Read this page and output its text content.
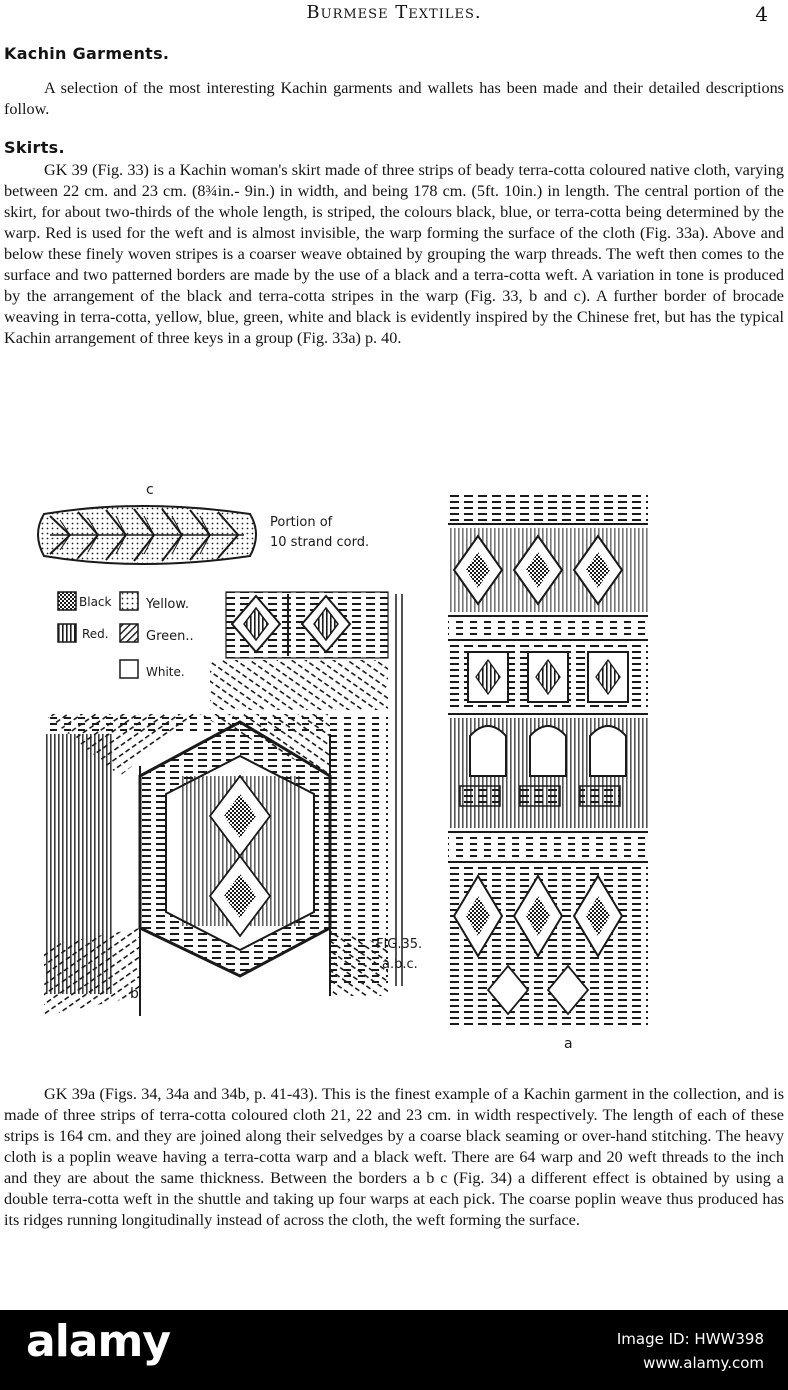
Burmese Textiles.	4
Kachin Garments.

A selection of the most interesting Kachin garments and wallets has been made and their detailed descriptions follow.

Skirts.

GK 39 (Fig. 33) is a Kachin woman's skirt made of three strips of beady terra-cotta coloured native cloth, varying between 22 cm. and 23 cm. (8¾in.- 9in.) in width, and being 178 cm. (5ft. 10in.) in length. The central portion of the skirt, for about two-thirds of the whole length, is striped, the colours black, blue, or terra-cotta being determined by the warp. Red is used for the weft and is almost invisible, the warp forming the surface of the cloth (Fig. 33a). Above and below these finely woven stripes is a coarser weave obtained by grouping the warp threads. The weft then comes to the surface and two patterned borders are made by the use of a black and a terra-cotta weft. A variation in tone is produced by the arrangement of the black and terra-cotta stripes in the warp (Fig. 33, b and c). A further border of brocade weaving in terra-cotta, yellow, blue, green, white and black is evidently inspired by the Chinese fret, but has the typical Kachin arrangement of three keys in a group (Fig. 33a) p. 40.

c
Portion of
10 strand cord.
Black	Yellow.
Red.	Green..
White.
b
FIG.35.
a.b.c.
a

GK 39a (Figs. 34, 34a and 34b, p. 41-43). This is the finest example of a Kachin garment in the collection, and is made of three strips of terra-cotta coloured cloth 21, 22 and 23 cm. in width respectively. The length of each of these strips is 164 cm. and they are joined along their selvedges by a coarse black seaming or over-hand stitching. The heavy cloth is a poplin weave having a terra-cotta warp and a black weft. There are 64 warp and 20 weft threads to the inch and they are about the same thickness. Between the borders a b c (Fig. 34) a different effect is obtained by using a double terra-cotta weft in the shuttle and taking up four warps at each pick. The coarse poplin weave thus produced has its ridges running longitudinally instead of across the cloth, the weft forming the surface.

alamy	Image ID: HWW398
www.alamy.com
